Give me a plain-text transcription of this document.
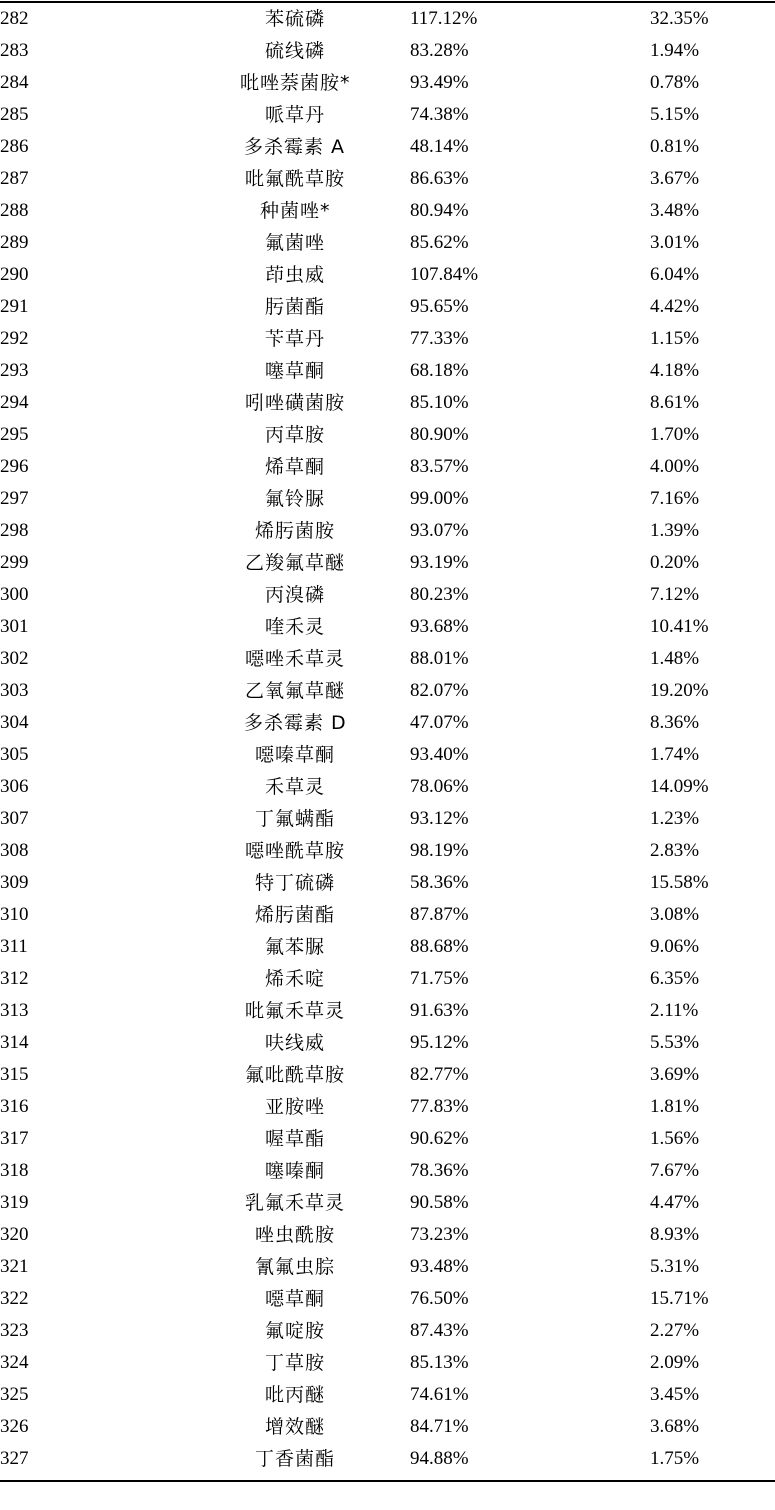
282	苯硫磷	117.12%	32.35%
283	硫线磷	83.28%	1.94%
284	吡唑萘菌胺*	93.49%	0.78%
285	哌草丹	74.38%	5.15%
286	多杀霉素 A	48.14%	0.81%
287	吡氟酰草胺	86.63%	3.67%
288	种菌唑*	80.94%	3.48%
289	氟菌唑	85.62%	3.01%
290	茚虫威	107.84%	6.04%
291	肟菌酯	95.65%	4.42%
292	苄草丹	77.33%	1.15%
293	噻草酮	68.18%	4.18%
294	吲唑磺菌胺	85.10%	8.61%
295	丙草胺	80.90%	1.70%
296	烯草酮	83.57%	4.00%
297	氟铃脲	99.00%	7.16%
298	烯肟菌胺	93.07%	1.39%
299	乙羧氟草醚	93.19%	0.20%
300	丙溴磷	80.23%	7.12%
301	喹禾灵	93.68%	10.41%
302	噁唑禾草灵	88.01%	1.48%
303	乙氧氟草醚	82.07%	19.20%
304	多杀霉素 D	47.07%	8.36%
305	噁嗪草酮	93.40%	1.74%
306	禾草灵	78.06%	14.09%
307	丁氟螨酯	93.12%	1.23%
308	噁唑酰草胺	98.19%	2.83%
309	特丁硫磷	58.36%	15.58%
310	烯肟菌酯	87.87%	3.08%
311	氟苯脲	88.68%	9.06%
312	烯禾啶	71.75%	6.35%
313	吡氟禾草灵	91.63%	2.11%
314	呋线威	95.12%	5.53%
315	氟吡酰草胺	82.77%	3.69%
316	亚胺唑	77.83%	1.81%
317	喔草酯	90.62%	1.56%
318	噻嗪酮	78.36%	7.67%
319	乳氟禾草灵	90.58%	4.47%
320	唑虫酰胺	73.23%	8.93%
321	氰氟虫腙	93.48%	5.31%
322	噁草酮	76.50%	15.71%
323	氟啶胺	87.43%	2.27%
324	丁草胺	85.13%	2.09%
325	吡丙醚	74.61%	3.45%
326	增效醚	84.71%	3.68%
327	丁香菌酯	94.88%	1.75%
